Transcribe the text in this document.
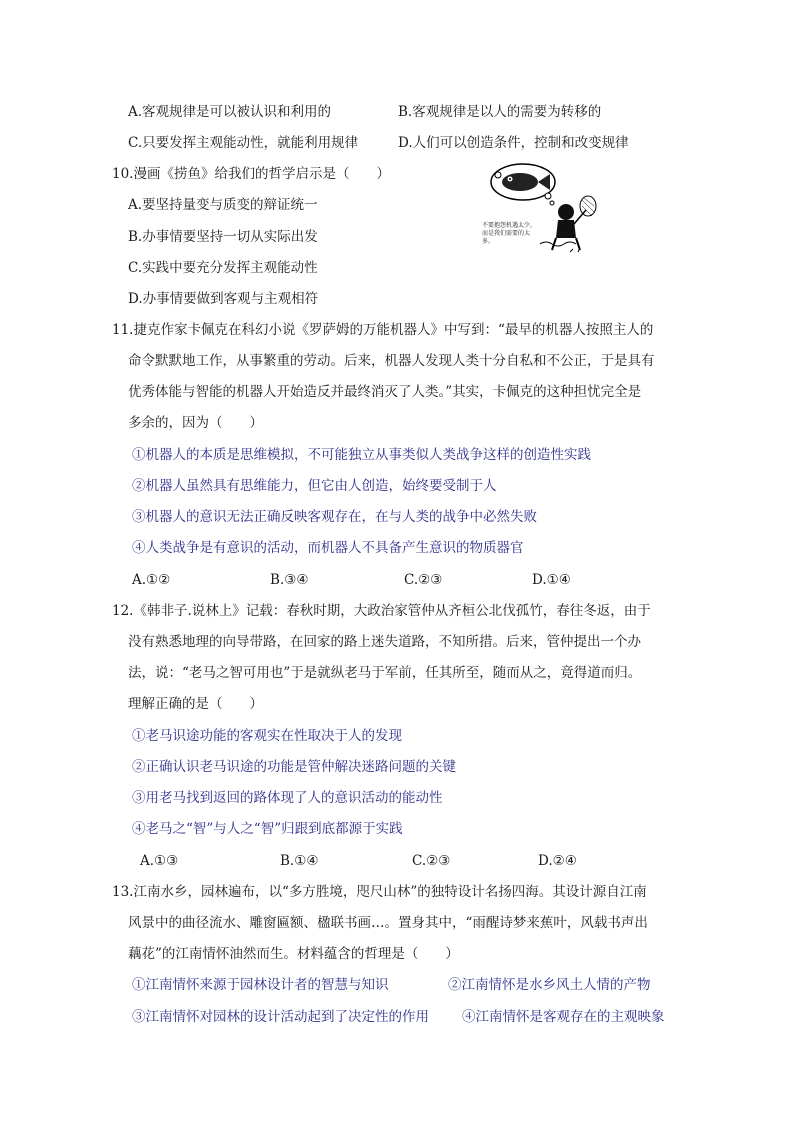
A.客观规律是可以被认识和利用的	B.客观规律是以人的需要为转移的
C.只要发挥主观能动性，就能利用规律	D.人们可以创造条件，控制和改变规律
10.漫画《捞鱼》给我们的哲学启示是（　　）
A.要坚持量变与质变的辩证统一
B.办事情要坚持一切从实际出发
C.实践中要充分发挥主观能动性
D.办事情要做到客观与主观相符
不要抱怨机遇太少，而是我们需要的太多。
11.捷克作家卡佩克在科幻小说《罗萨姆的万能机器人》中写到：“最早的机器人按照主人的
命令默默地工作，从事繁重的劳动。后来，机器人发现人类十分自私和不公正，于是具有
优秀体能与智能的机器人开始造反并最终消灭了人类。”其实，卡佩克的这种担忧完全是
多余的，因为（　　）
①机器人的本质是思维模拟，不可能独立从事类似人类战争这样的创造性实践
②机器人虽然具有思维能力，但它由人创造，始终要受制于人
③机器人的意识无法正确反映客观存在，在与人类的战争中必然失败
④人类战争是有意识的活动，而机器人不具备产生意识的物质器官
A.①②	B.③④	C.②③	D.①④
12.《韩非子.说林上》记载：春秋时期，大政治家管仲从齐桓公北伐孤竹，春往冬返，由于
没有熟悉地理的向导带路，在回家的路上迷失道路，不知所措。后来，管仲提出一个办
法，说：“老马之智可用也”于是就纵老马于军前，任其所至，随而从之，竟得道而归。
理解正确的是（　　）
①老马识途功能的客观实在性取决于人的发现
②正确认识老马识途的功能是管仲解决迷路问题的关键
③用老马找到返回的路体现了人的意识活动的能动性
④老马之“智”与人之“智”归跟到底都源于实践
A.①③	B.①④	C.②③	D.②④
13.江南水乡，园林遍布，以“多方胜境，咫尺山林”的独特设计名扬四海。其设计源自江南
风景中的曲径流水、雕窗匾额、楹联书画…。置身其中，“雨醒诗梦来蕉叶，风载书声出
藕花”的江南情怀油然而生。材料蕴含的哲理是（　　）
①江南情怀来源于园林设计者的智慧与知识	②江南情怀是水乡风土人情的产物
③江南情怀对园林的设计活动起到了决定性的作用 ④江南情怀是客观存在的主观映象
